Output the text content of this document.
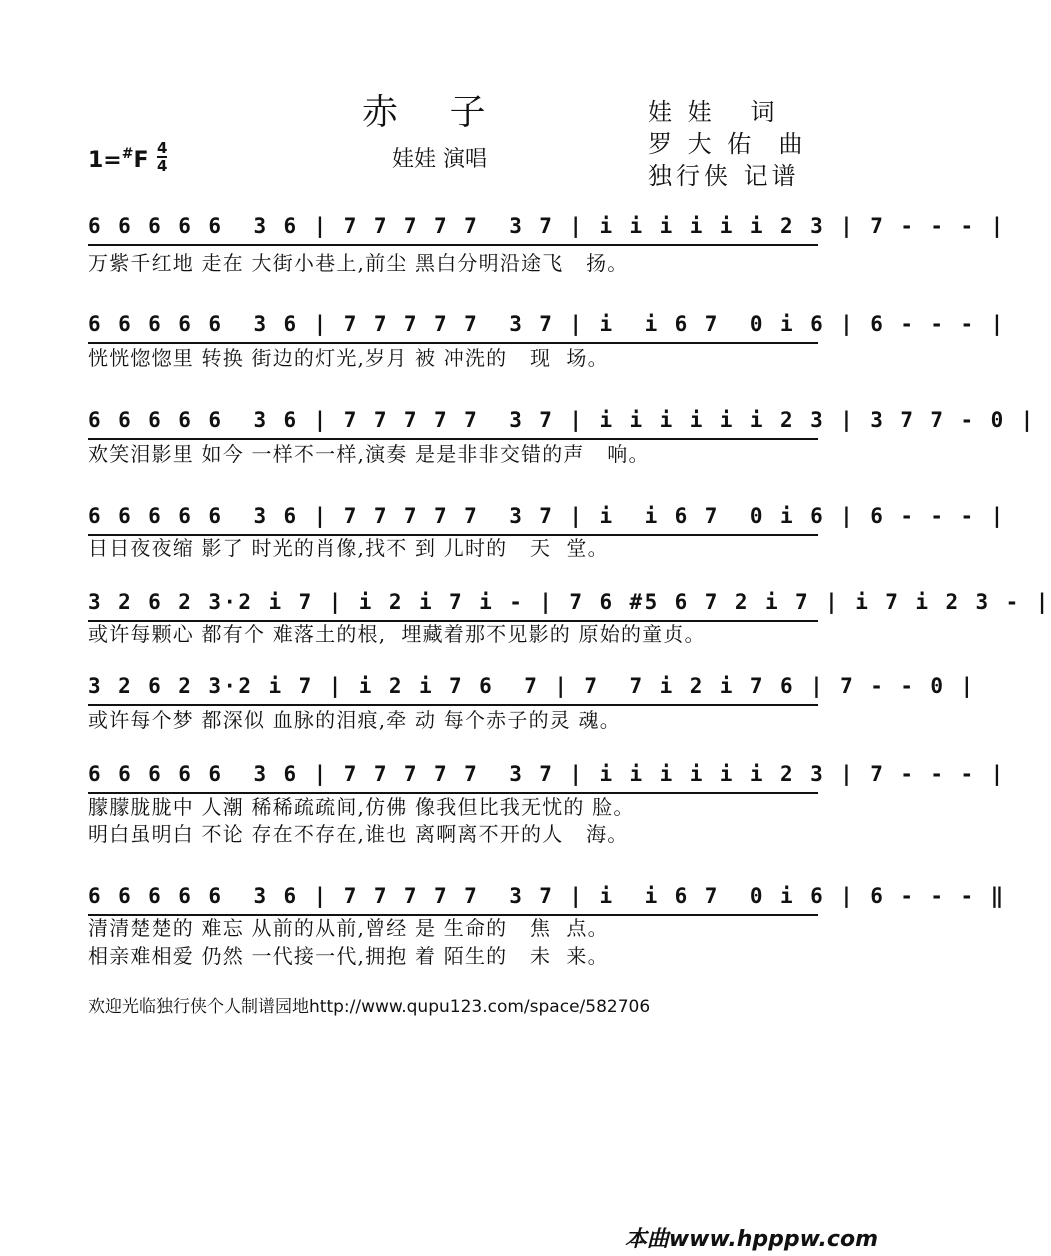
赤 子	娃 娃   词
罗 大 佑  曲
独行侠 记谱
娃娃 演唱
$1=^{\#}F \frac{4}{4}$
6 6 6 6 6  3 6 | 7 7 7 7 7  3 7 | i i i i i i 2 3 | 7 - - - |
万紫千红地 走在 大街小巷上,前尘 黑白分明沿途飞   扬。
6 6 6 6 6  3 6 | 7 7 7 7 7  3 7 | i  i 6 7  0 i 6 | 6 - - - |
恍恍惚惚里 转换 街边的灯光,岁月 被 冲洗的   现  场。
6 6 6 6 6  3 6 | 7 7 7 7 7  3 7 | i i i i i i 2 3 | 3 7 7 - 0 |
欢笑泪影里 如今 一样不一样,演奏 是是非非交错的声   响。
6 6 6 6 6  3 6 | 7 7 7 7 7  3 7 | i  i 6 7  0 i 6 | 6 - - - |
日日夜夜缩 影了 时光的肖像,找不 到 儿时的   天  堂。
3 2 6 2 3·2 i 7 | i 2 i 7 i - | 7 6 #5 6 7 2 i 7 | i 7 i 2 3 - |
或许每颗心 都有个 难落土的根,  埋藏着那不见影的 原始的童贞。
3 2 6 2 3·2 i 7 | i 2 i 7 6  7 | 7  7 i 2 i 7 6 | 7 - - 0 |
或许每个梦 都深似 血脉的泪痕,牵 动 每个赤子的灵 魂。
6 6 6 6 6  3 6 | 7 7 7 7 7  3 7 | i i i i i i 2 3 | 7 - - - |
朦朦胧胧中 人潮 稀稀疏疏间,仿佛 像我但比我无忧的 脸。
明白虽明白 不论 存在不存在,谁也 离啊离不开的人   海。
6 6 6 6 6  3 6 | 7 7 7 7 7  3 7 | i  i 6 7  0 i 6 | 6 - - - ‖
清清楚楚的 难忘 从前的从前,曾经 是 生命的   焦  点。
相亲难相爱 仍然 一代接一代,拥抱 着 陌生的   未  来。
欢迎光临独行侠个人制谱园地http://www.qupu123.com/space/582706
本曲www.hpppw.com
